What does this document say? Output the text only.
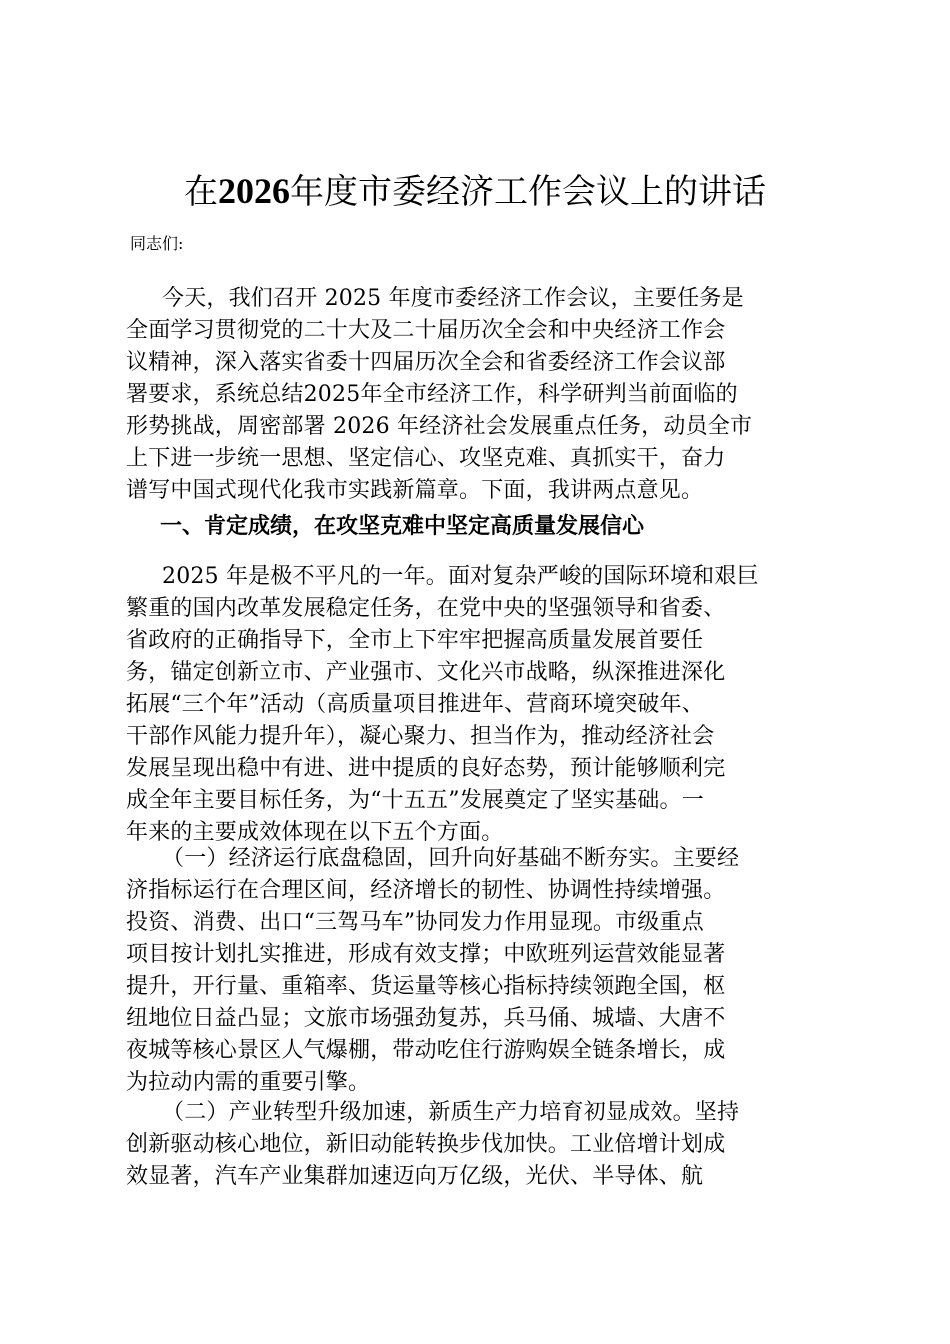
在2026年度市委经济工作会议上的讲话
同志们:
今天，我们召开 2025 年度市委经济工作会议，主要任务是
全面学习贯彻党的二十大及二十届历次全会和中央经济工作会
议精神，深入落实省委十四届历次全会和省委经济工作会议部
署要求，系统总结2025年全市经济工作，科学研判当前面临的
形势挑战，周密部署 2026 年经济社会发展重点任务，动员全市
上下进一步统一思想、坚定信心、攻坚克难、真抓实干，奋力
谱写中国式现代化我市实践新篇章。下面，我讲两点意见。
一、肯定成绩，在攻坚克难中坚定高质量发展信心
2025 年是极不平凡的一年。面对复杂严峻的国际环境和艰巨
繁重的国内改革发展稳定任务，在党中央的坚强领导和省委、
省政府的正确指导下，全市上下牢牢把握高质量发展首要任
务，锚定创新立市、产业强市、文化兴市战略，纵深推进深化
拓展“三个年”活动（高质量项目推进年、营商环境突破年、
干部作风能力提升年），凝心聚力、担当作为，推动经济社会
发展呈现出稳中有进、进中提质的良好态势，预计能够顺利完
成全年主要目标任务，为“十五五”发展奠定了坚实基础。一
年来的主要成效体现在以下五个方面。
（一）经济运行底盘稳固，回升向好基础不断夯实。主要经
济指标运行在合理区间，经济增长的韧性、协调性持续增强。
投资、消费、出口“三驾马车”协同发力作用显现。市级重点
项目按计划扎实推进，形成有效支撑；中欧班列运营效能显著
提升，开行量、重箱率、货运量等核心指标持续领跑全国，枢
纽地位日益凸显；文旅市场强劲复苏，兵马俑、城墙、大唐不
夜城等核心景区人气爆棚，带动吃住行游购娱全链条增长，成
为拉动内需的重要引擎。
（二）产业转型升级加速，新质生产力培育初显成效。坚持
创新驱动核心地位，新旧动能转换步伐加快。工业倍增计划成
效显著，汽车产业集群加速迈向万亿级，光伏、半导体、航
